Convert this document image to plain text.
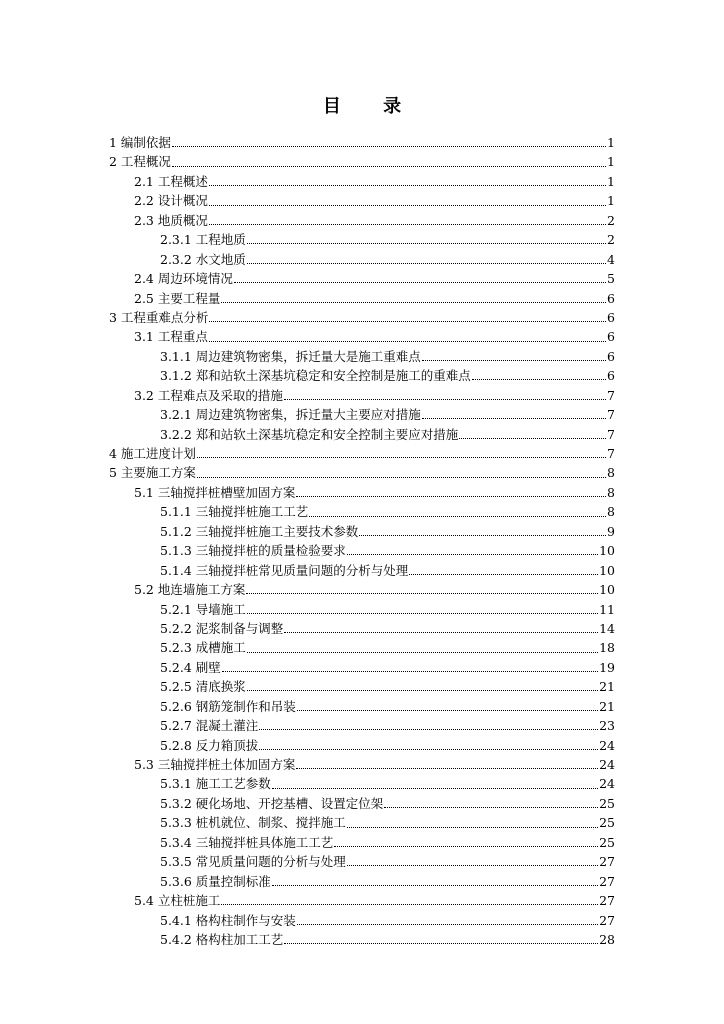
目 录
1 编制依据	1
2 工程概况	1
2.1 工程概述	1
2.2 设计概况	1
2.3 地质概况	2
2.3.1 工程地质	2
2.3.2 水文地质	4
2.4 周边环境情况	5
2.5 主要工程量	6
3 工程重难点分析	6
3.1 工程重点	6
3.1.1 周边建筑物密集，拆迁量大是施工重难点	6
3.1.2 郑和站软土深基坑稳定和安全控制是施工的重难点	6
3.2 工程难点及采取的措施	7
3.2.1 周边建筑物密集，拆迁量大主要应对措施	7
3.2.2 郑和站软土深基坑稳定和安全控制主要应对措施	7
4 施工进度计划	7
5 主要施工方案	8
5.1 三轴搅拌桩槽壁加固方案	8
5.1.1 三轴搅拌桩施工工艺	8
5.1.2 三轴搅拌桩施工主要技术参数	9
5.1.3 三轴搅拌桩的质量检验要求	10
5.1.4 三轴搅拌桩常见质量问题的分析与处理	10
5.2 地连墙施工方案	10
5.2.1 导墙施工	11
5.2.2 泥浆制备与调整	14
5.2.3 成槽施工	18
5.2.4 刷壁	19
5.2.5 清底换浆	21
5.2.6 钢筋笼制作和吊装	21
5.2.7 混凝土灌注	23
5.2.8 反力箱顶拔	24
5.3 三轴搅拌桩土体加固方案	24
5.3.1 施工工艺参数	24
5.3.2 硬化场地、开挖基槽、设置定位架	25
5.3.3 桩机就位、制浆、搅拌施工	25
5.3.4 三轴搅拌桩具体施工工艺	25
5.3.5 常见质量问题的分析与处理	27
5.3.6 质量控制标准	27
5.4 立柱桩施工	27
5.4.1 格构柱制作与安装	27
5.4.2 格构柱加工工艺	28
